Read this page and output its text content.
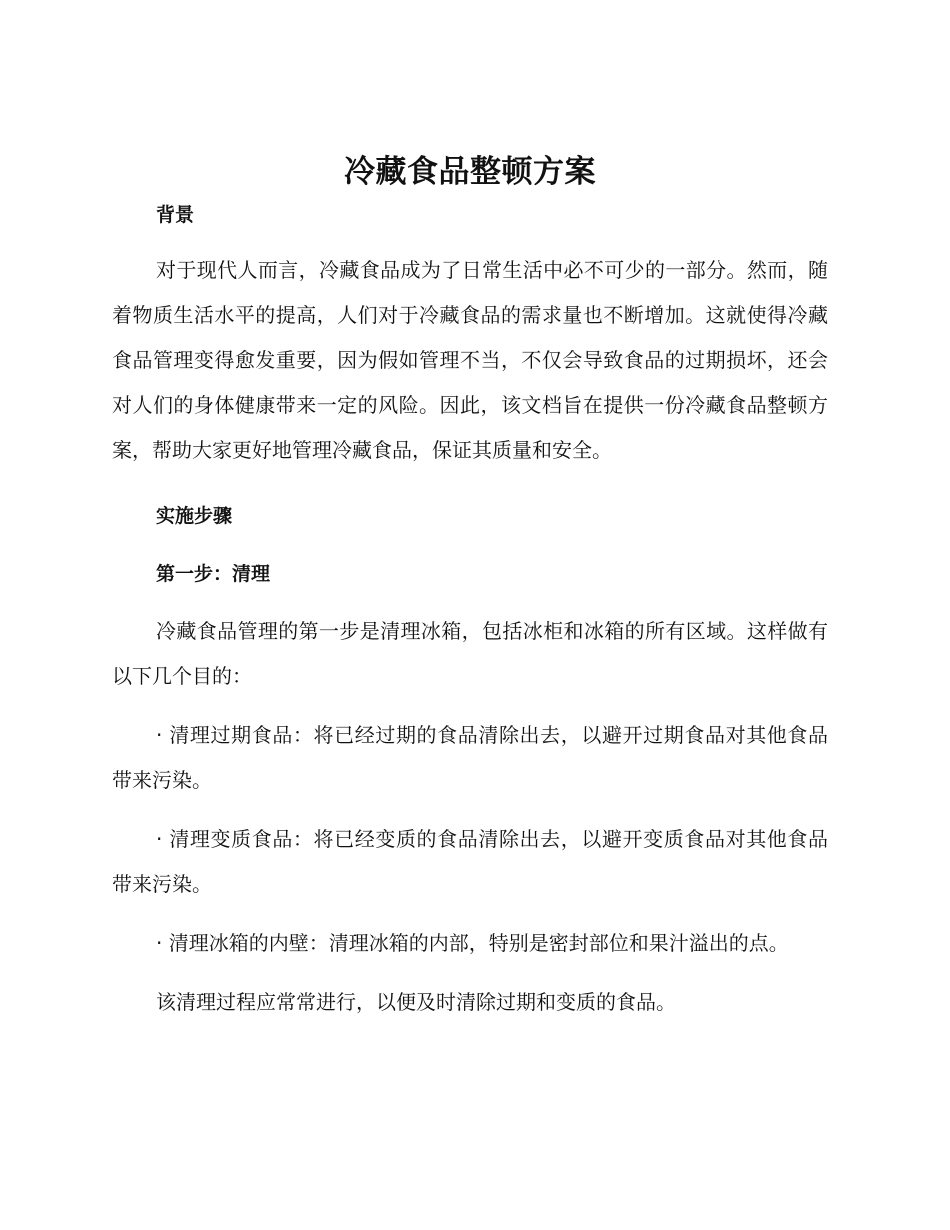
冷藏食品整顿方案
背景

对于现代人而言，冷藏食品成为了日常生活中必不可少的一部分。然而，随着物质生活水平的提高，人们对于冷藏食品的需求量也不断增加。这就使得冷藏食品管理变得愈发重要，因为假如管理不当，不仅会导致食品的过期损坏，还会对人们的身体健康带来一定的风险。因此，该文档旨在提供一份冷藏食品整顿方案，帮助大家更好地管理冷藏食品，保证其质量和安全。

实施步骤
第一步：清理

冷藏食品管理的第一步是清理冰箱，包括冰柜和冰箱的所有区域。这样做有以下几个目的：

· 清理过期食品：将已经过期的食品清除出去，以避开过期食品对其他食品带来污染。

· 清理变质食品：将已经变质的食品清除出去，以避开变质食品对其他食品带来污染。

· 清理冰箱的内壁：清理冰箱的内部，特别是密封部位和果汁溢出的点。

该清理过程应常常进行，以便及时清除过期和变质的食品。
